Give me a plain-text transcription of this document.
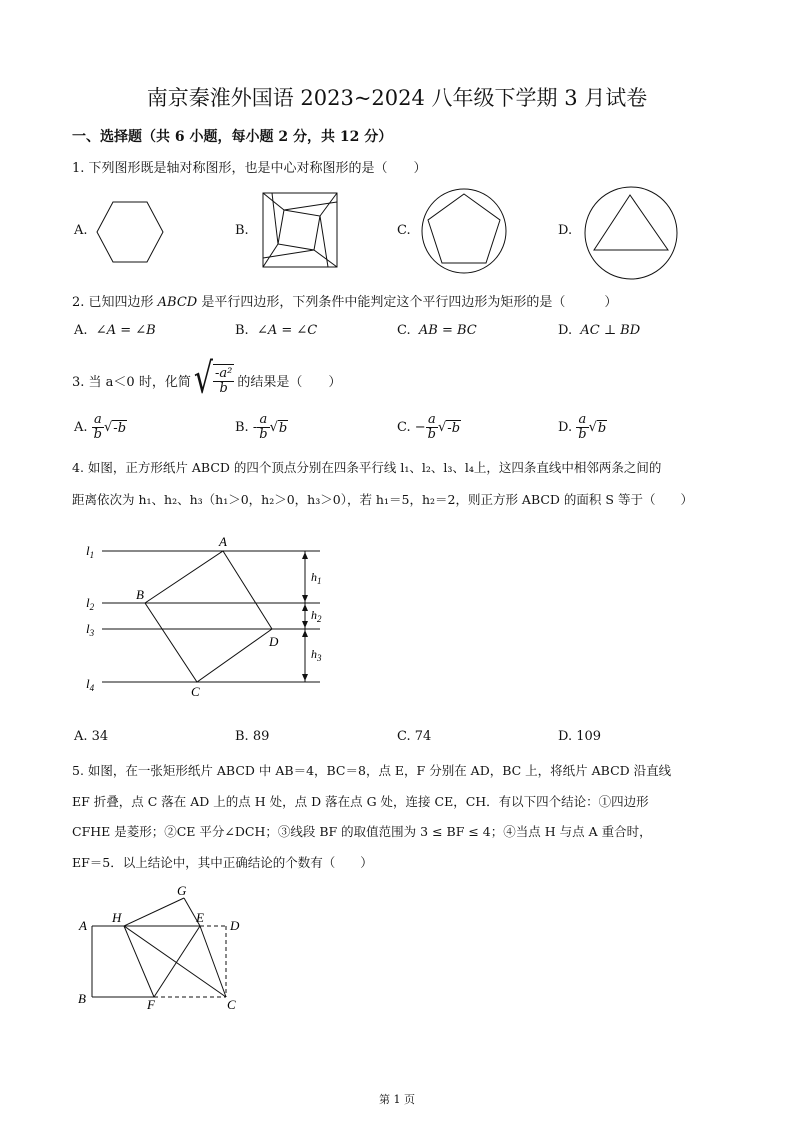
南京秦淮外国语 2023~2024 八年级下学期 3 月试卷
一、选择题（共 6 小题，每小题 2 分，共 12 分）
1. 下列图形既是轴对称图形，也是中心对称图形的是（　　）
A.	B.	C.	D.
2. 已知四边形 ABCD 是平行四边形，下列条件中能判定这个平行四边形为矩形的是（　　　）
A. ∠A = ∠B	B. ∠A = ∠C	C. AB = BC	D. AC ⊥ BD
3. 当 a＜0 时，化简 √ $\frac{\text{-a²}}{b}$ 的结果是（　　）
A.
$\frac{a}{b}$ √ -b	B.
- $\frac{a}{b}$ √ b	C.
− $\frac{a}{b}$ √ -b	D.
$\frac{a}{b}$ √ b
4. 如图，正方形纸片 ABCD 的四个顶点分别在四条平行线 l₁、l₂、l₃、l₄上，这四条直线中相邻两条之间的
距离依次为 h₁、h₂、h₃（h₁＞0，h₂＞0，h₃＞0），若 h₁＝5，h₂＝2，则正方形 ABCD 的面积 S 等于（　　）
$l_1$
$l_2$
$l_3$
$l_4$
A
B
D
C
$h_1$
$h_2$
$h_3$
A. 34	B. 89	C. 74	D. 109
5. 如图，在一张矩形纸片 ABCD 中 AB＝4，BC＝8，点 E，F 分别在 AD，BC 上，将纸片 ABCD 沿直线
EF 折叠，点 C 落在 AD 上的点 H 处，点 D 落在点 G 处，连接 CE，CH．有以下四个结论：①四边形
CFHE 是菱形；②CE 平分∠DCH；③线段 BF 的取值范围为 3 ≤ BF ≤ 4；④当点 H 与点 A 重合时，
EF＝5．以上结论中，其中正确结论的个数有（　　）
A
B	C
D
E
F
G
H
第 1 页
